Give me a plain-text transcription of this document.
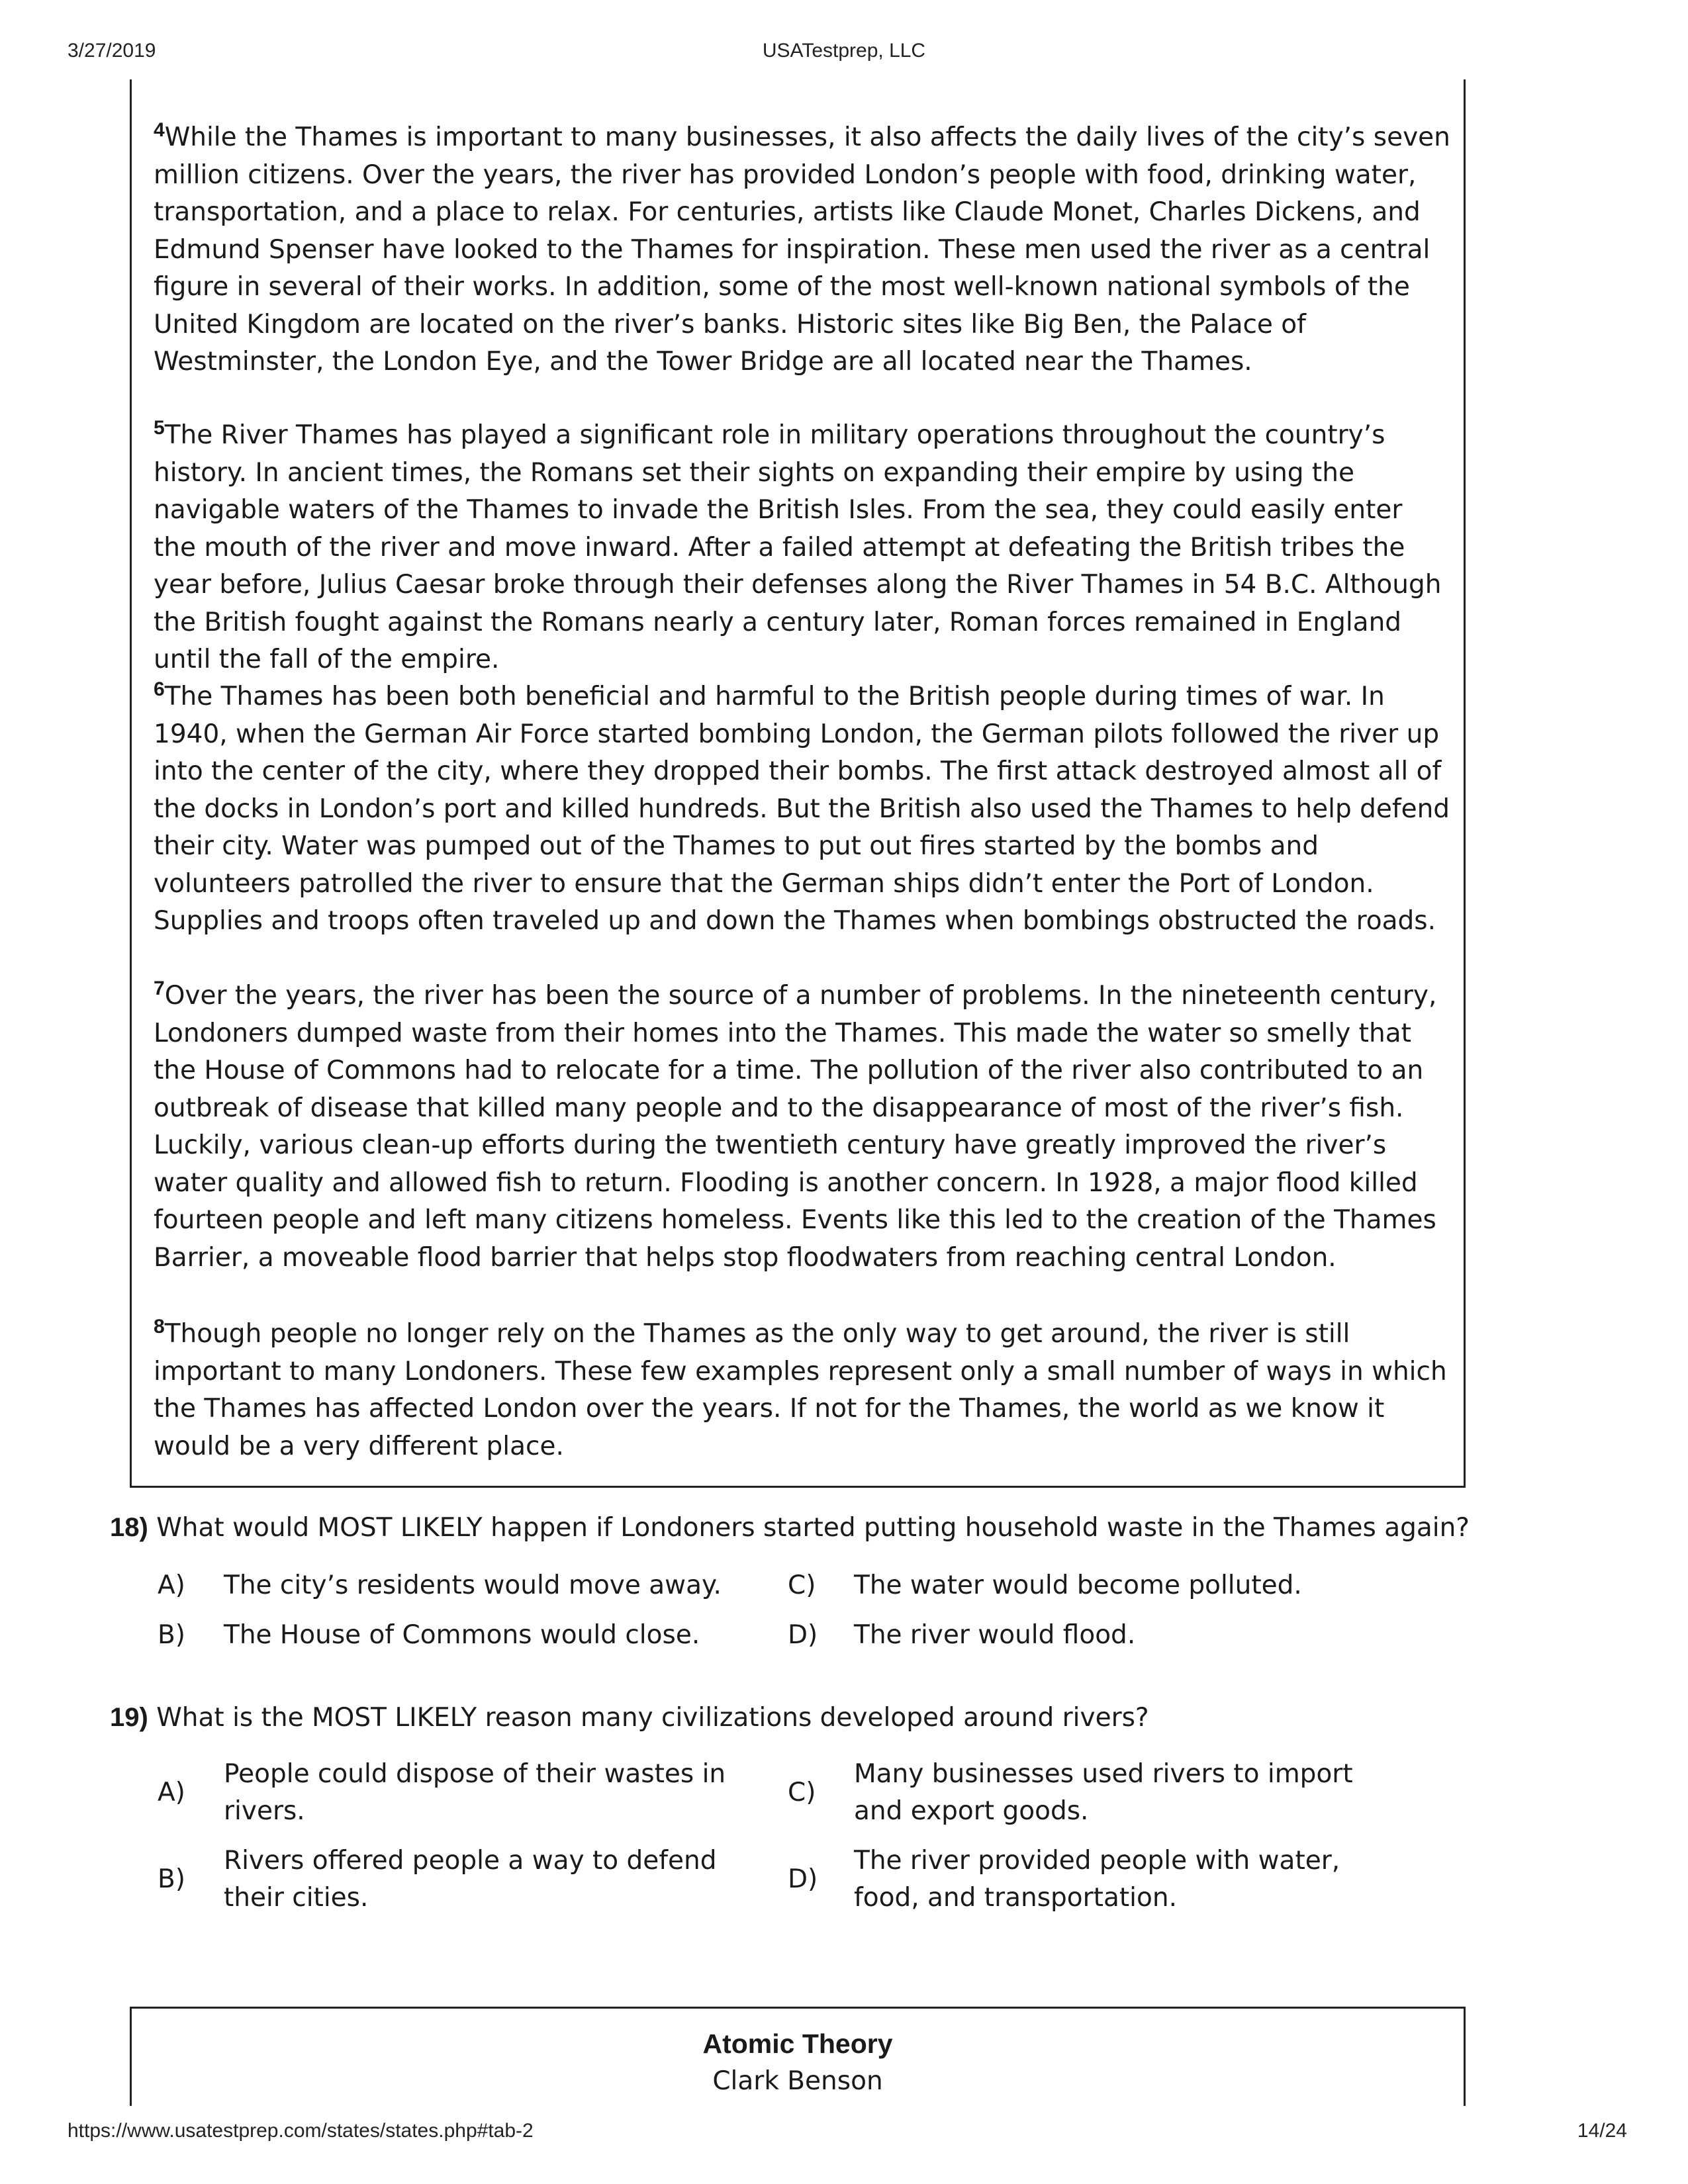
3/27/2019	USATestprep, LLC

$^4$While the Thames is important to many businesses, it also affects the daily lives of the city’s seven million citizens. Over the years, the river has provided London’s people with food, drinking water, transportation, and a place to relax. For centuries, artists like Claude Monet, Charles Dickens, and Edmund Spenser have looked to the Thames for inspiration. These men used the river as a central figure in several of their works. In addition, some of the most well-known national symbols of the United Kingdom are located on the river’s banks. Historic sites like Big Ben, the Palace of Westminster, the London Eye, and the Tower Bridge are all located near the Thames.

$^5$The River Thames has played a significant role in military operations throughout the country’s history. In ancient times, the Romans set their sights on expanding their empire by using the navigable waters of the Thames to invade the British Isles. From the sea, they could easily enter the mouth of the river and move inward. After a failed attempt at defeating the British tribes the year before, Julius Caesar broke through their defenses along the River Thames in 54 B.C. Although the British fought against the Romans nearly a century later, Roman forces remained in England until the fall of the empire.

$^6$The Thames has been both beneficial and harmful to the British people during times of war. In 1940, when the German Air Force started bombing London, the German pilots followed the river up into the center of the city, where they dropped their bombs. The first attack destroyed almost all of the docks in London’s port and killed hundreds. But the British also used the Thames to help defend their city. Water was pumped out of the Thames to put out fires started by the bombs and volunteers patrolled the river to ensure that the German ships didn’t enter the Port of London. Supplies and troops often traveled up and down the Thames when bombings obstructed the roads.

$^7$Over the years, the river has been the source of a number of problems. In the nineteenth century, Londoners dumped waste from their homes into the Thames. This made the water so smelly that the House of Commons had to relocate for a time. The pollution of the river also contributed to an outbreak of disease that killed many people and to the disappearance of most of the river’s fish. Luckily, various clean-up efforts during the twentieth century have greatly improved the river’s water quality and allowed fish to return. Flooding is another concern. In 1928, a major flood killed fourteen people and left many citizens homeless. Events like this led to the creation of the Thames Barrier, a moveable flood barrier that helps stop floodwaters from reaching central London.

$^8$Though people no longer rely on the Thames as the only way to get around, the river is still important to many Londoners. These few examples represent only a small number of ways in which the Thames has affected London over the years. If not for the Thames, the world as we know it would be a very different place.

18) What would MOST LIKELY happen if Londoners started putting household waste in the Thames again?
A) The city’s residents would move away.
B) The House of Commons would close.
C) The water would become polluted.
D) The river would flood.
19) What is the MOST LIKELY reason many civilizations developed around rivers?
A)
People could dispose of their wastes in rivers.
B)
Rivers offered people a way to defend their cities.
C)
Many businesses used rivers to import and export goods.
D)
The river provided people with water, food, and transportation.
Atomic Theory
Clark Benson
https://www.usatestprep.com/states/states.php#tab-2	14/24
